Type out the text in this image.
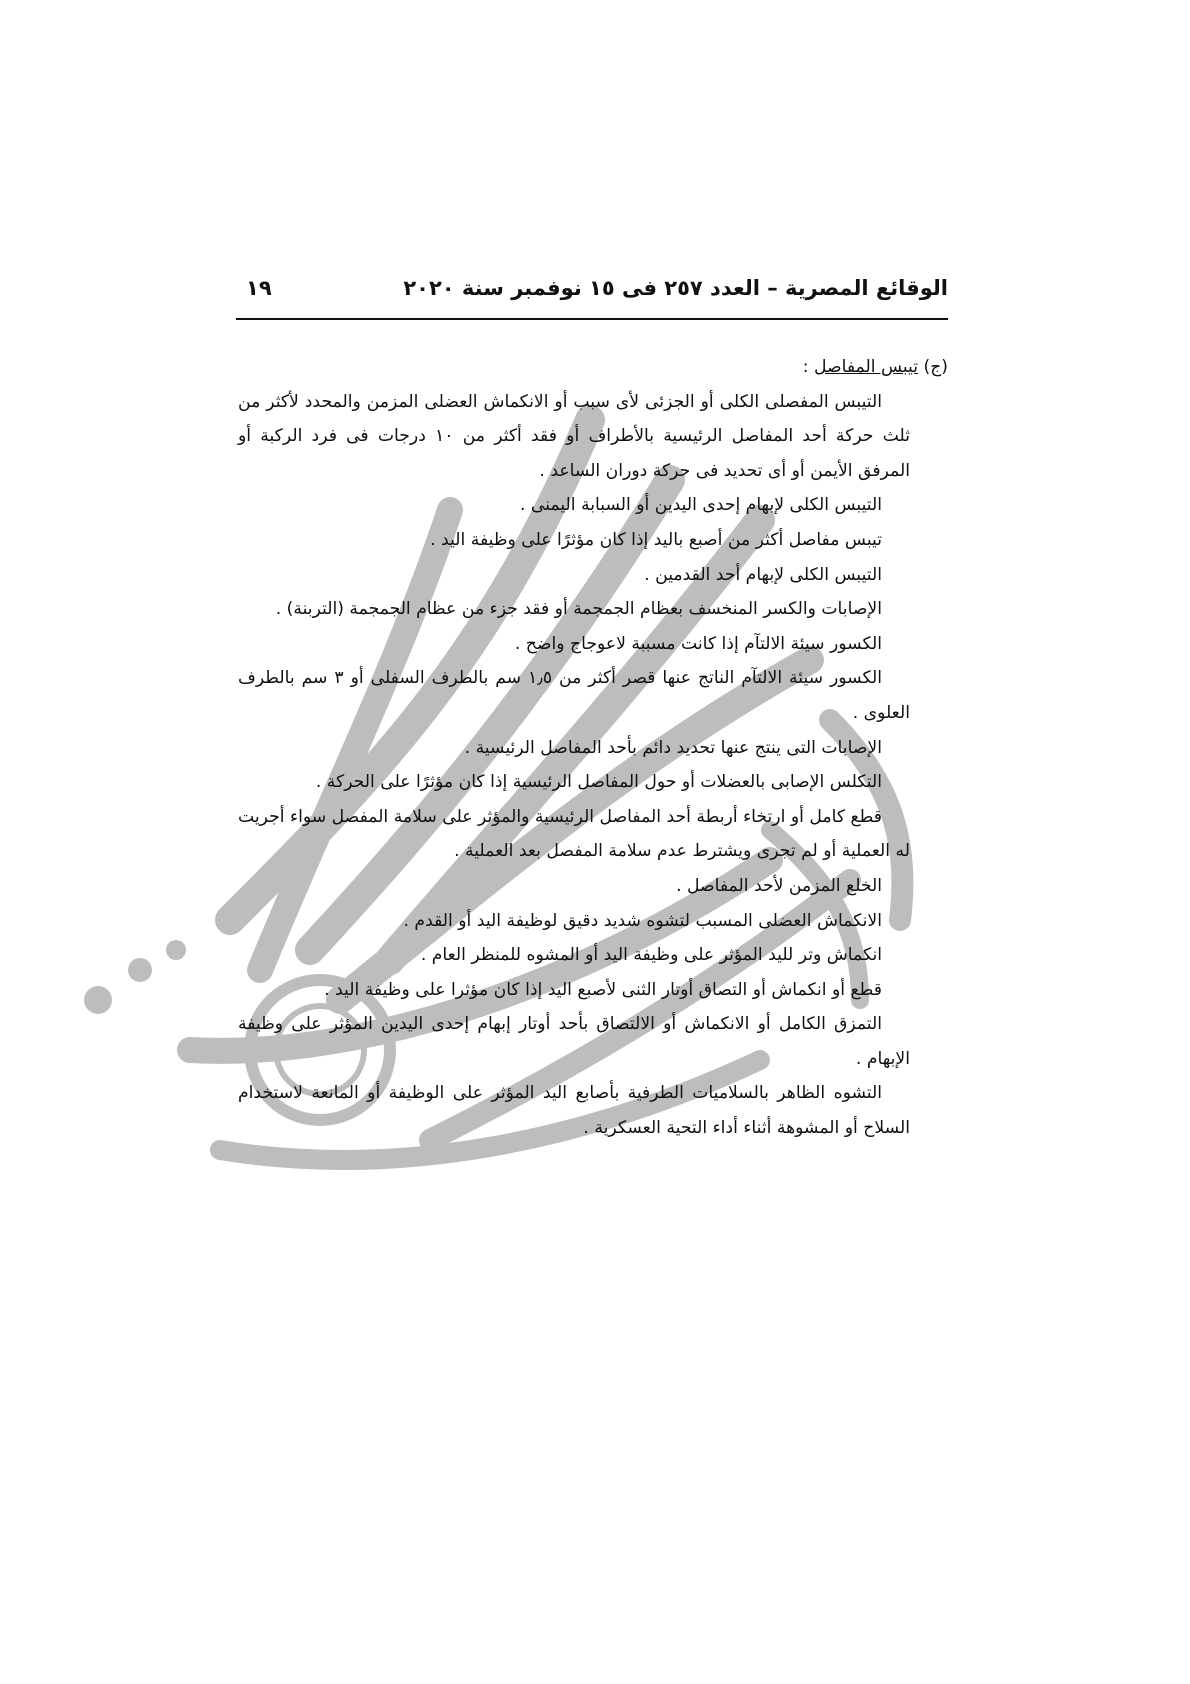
الوقائع المصرية – العدد ٢٥٧ فى ١٥ نوفمبر سنة ٢٠٢٠
١٩

(ج) تيبس المفاصل :

التيبس المفصلى الكلى أو الجزئى لأى سبب أو الانكماش العضلى المزمن والمحدد لأكثر من ثلث حركة أحد المفاصل الرئيسية بالأطراف أو فقد أكثر من ١٠ درجات فى فرد الركبة أو المرفق الأيمن أو أى تحديد فى حركة دوران الساعد .

التيبس الكلى لإبهام إحدى اليدين أو السبابة اليمنى .

تيبس مفاصل أكثر من أصبع باليد إذا كان مؤثرًا على وظيفة اليد .

التيبس الكلى لإبهام أحد القدمين .

الإصابات والكسر المنخسف بعظام الجمجمة أو فقد جزء من عظام الجمجمة (التربنة) .

الكسور سيئة الالتآم إذا كانت مسببة لاعوجاج واضح .

الكسور سيئة الالتآم الناتج عنها قصر أكثر من ١٫٥ سم بالطرف السفلى أو ٣ سم بالطرف العلوى .

الإصابات التى ينتج عنها تحديد دائم بأحد المفاصل الرئيسية .

التكلس الإصابى بالعضلات أو حول المفاصل الرئيسية إذا كان مؤثرًا على الحركة .

قطع كامل أو ارتخاء أربطة أحد المفاصل الرئيسية والمؤثر على سلامة المفصل سواء أجريت له العملية أو لم تجرى ويشترط عدم سلامة المفصل بعد العملية .

الخلع المزمن لأحد المفاصل .

الانكماش العضلى المسبب لتشوه شديد دقيق لوظيفة اليد أو القدم .

انكماش وتر لليد المؤثر على وظيفة اليد أو المشوه للمنظر العام .

قطع أو انكماش أو التصاق أوتار الثنى لأصبع اليد إذا كان مؤثرا على وظيفة اليد .

التمزق الكامل أو الانكماش أو الالتصاق بأحد أوتار إبهام إحدى اليدين المؤثر على وظيفة الإبهام .

التشوه الظاهر بالسلاميات الطرفية بأصابع اليد المؤثر على الوظيفة أو المانعة لاستخدام السلاح أو المشوهة أثناء أداء التحية العسكرية .
